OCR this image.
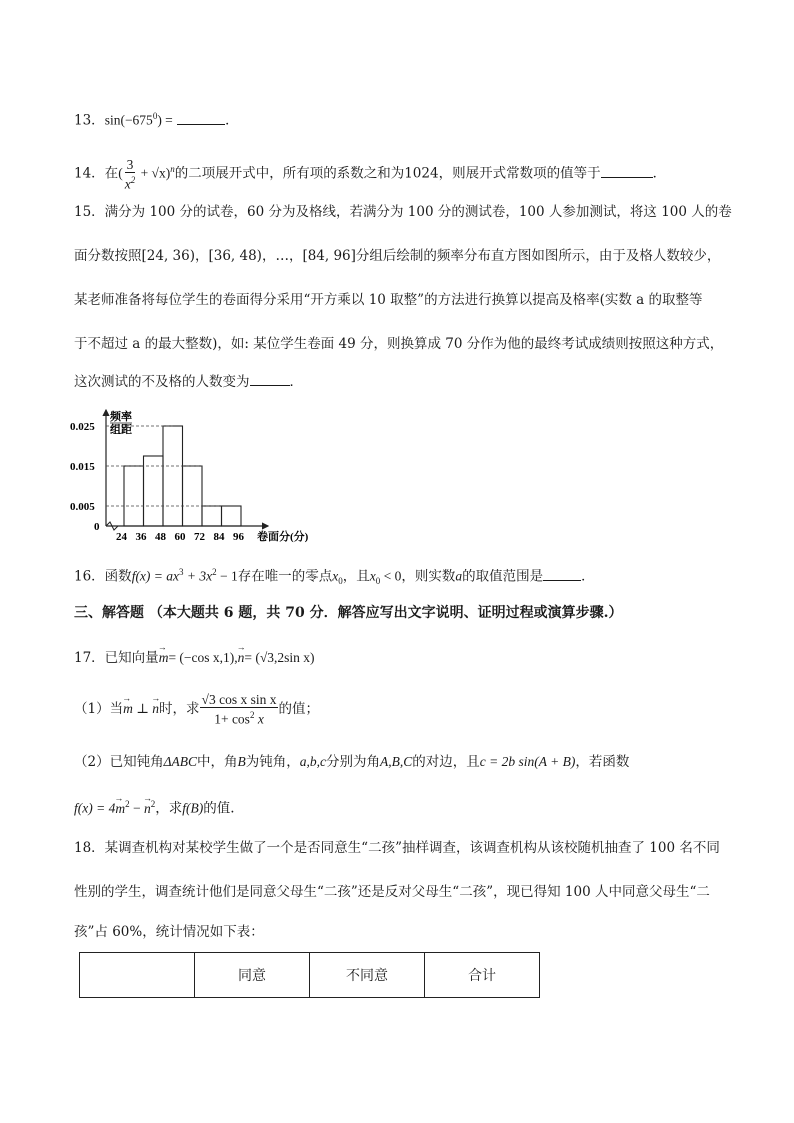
13．$\sin(-675^0)$ =	．
14．在( $\frac{3}{x^2} + √x)^n$的二项展开式中，所有项的系数之和为1024，则展开式常数项的值等于	．
15．满分为 100 分的试卷，60 分为及格线，若满分为 100 分的测试卷，100 人参加测试，将这 100 人的卷
面分数按照[24, 36)，[36, 48)，…，[84, 96]分组后绘制的频率分布直方图如图所示，由于及格人数较少，
某老师准备将每位学生的卷面得分采用“开方乘以 10 取整”的方法进行换算以提高及格率(实数 a 的取整等
于不超过 a 的最大整数)，如: 某位学生卷面 49 分，则换算成 70 分作为他的最终考试成绩则按照这种方式，
这次测试的不及格的人数变为	．
频率
组距
卷面分(分)
0.025
0.015
0.005
0
24 36 48 60 72 84 96
16．函数$f(x) = ax^3 + 3x^2 - 1$存在唯一的零点$x_0$，且$x_0 < 0$，则实数a的取值范围是	．
三、解答题 （本大题共 6 题，共 70 分．解答应写出文字说明、证明过程或演算步骤.）
17．已知向量→ m= (−cos x,1),→ n= (√3,2sin x)
（1）当→ m ⊥ → n时，求 $\frac{\text{√3 cos x sin x}}{1+ \cos^2 x}$ 的值；
（2）已知钝角ΔABC中，角B为钝角，a,b,c分别为角A,B,C的对边，且c = 2b sin(A + B)，若函数
$f(x) = 4\to m^2$ − → $n^2$，求f(B)的值.
18．某调查机构对某校学生做了一个是否同意生“二孩”抽样调查，该调查机构从该校随机抽查了 100 名不同
性别的学生，调查统计他们是同意父母生“二孩”还是反对父母生“二孩”，现已得知 100 人中同意父母生“二
孩”占 60%，统计情况如下表：
	同意	不同意	合计
